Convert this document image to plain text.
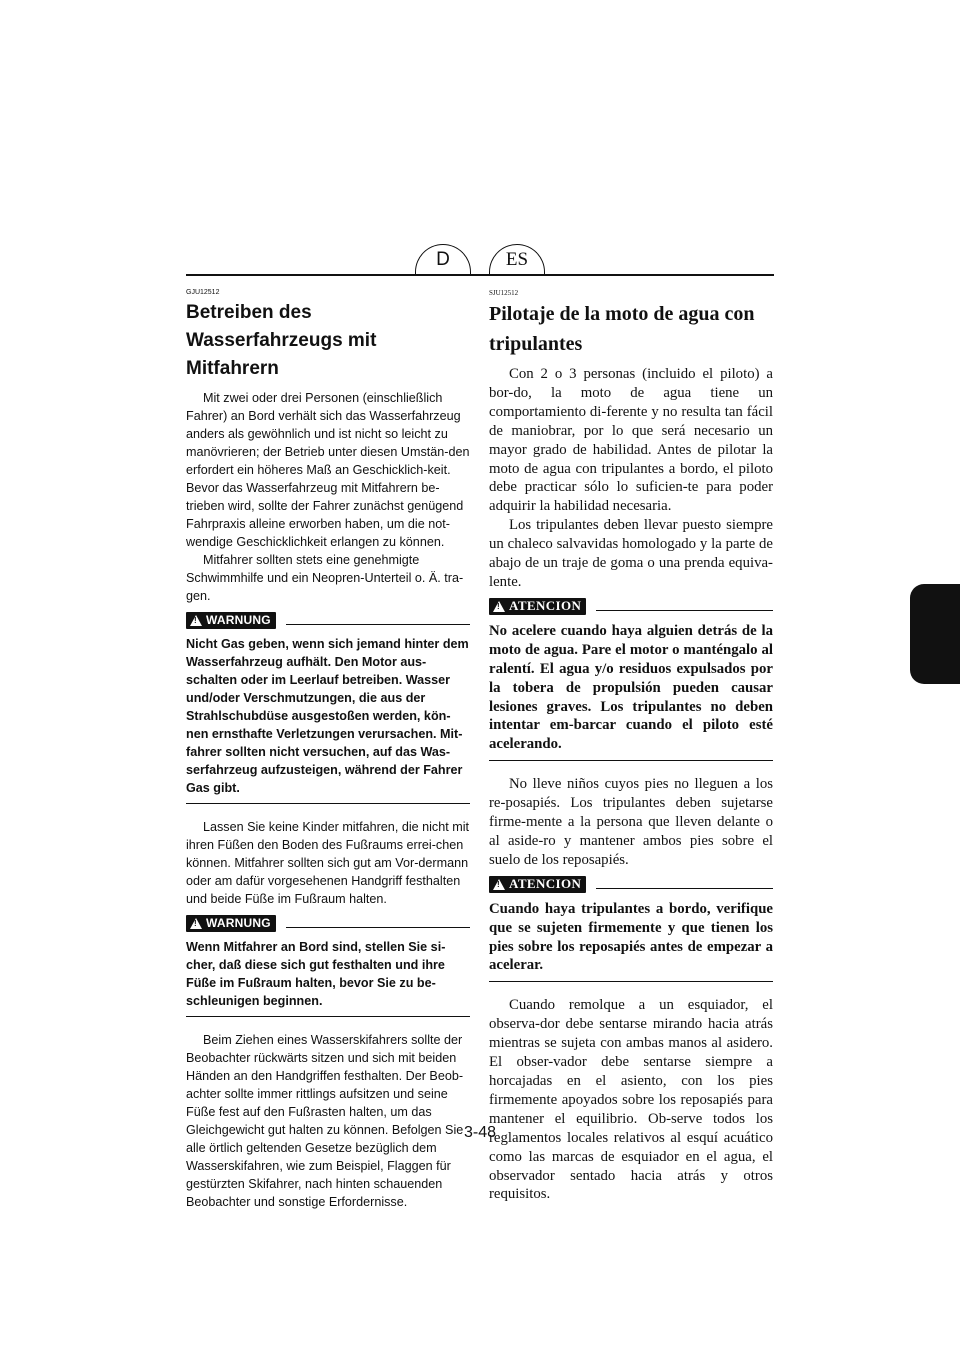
D	ES
GJU12512
Betreiben des Wasserfahrzeugs mit Mitfahrern

Mit zwei oder drei Personen (einschließlich Fahrer) an Bord verhält sich das Wasserfahrzeug anders als gewöhnlich und ist nicht so leicht zu manövrieren; der Betrieb unter diesen Umstän-den erfordert ein höheres Maß an Geschicklich-keit. Bevor das Wasserfahrzeug mit Mitfahrern be-trieben wird, sollte der Fahrer zunächst genügend Fahrpraxis alleine erworben haben, um die not-wendige Geschicklichkeit erlangen zu können.

Mitfahrer sollten stets eine genehmigte Schwimmhilfe und ein Neopren-Unterteil o. Ä. tra-gen.

!
WARNUNG

Nicht Gas geben, wenn sich jemand hinter dem Wasserfahrzeug aufhält. Den Motor aus-schalten oder im Leerlauf betreiben. Wasser und/oder Verschmutzungen, die aus der Strahlschubdüse ausgestoßen werden, kön-nen ernsthafte Verletzungen verursachen. Mit-fahrer sollten nicht versuchen, auf das Was-serfahrzeug aufzusteigen, während der Fahrer Gas gibt.

Lassen Sie keine Kinder mitfahren, die nicht mit ihren Füßen den Boden des Fußraums errei-chen können. Mitfahrer sollten sich gut am Vor-dermann oder am dafür vorgesehenen Handgriff festhalten und beide Füße im Fußraum halten.

!
WARNUNG

Wenn Mitfahrer an Bord sind, stellen Sie si-cher, daß diese sich gut festhalten und ihre Füße im Fußraum halten, bevor Sie zu be-schleunigen beginnen.

Beim Ziehen eines Wasserskifahrers sollte der Beobachter rückwärts sitzen und sich mit beiden Händen an den Handgriffen festhalten. Der Beob-achter sollte immer rittlings aufsitzen und seine Füße fest auf den Fußrasten halten, um das Gleichgewicht gut halten zu können. Befolgen Sie alle örtlich geltenden Gesetze bezüglich dem Wasserskifahren, wie zum Beispiel, Flaggen für gestürzten Skifahrer, nach hinten schauenden Beobachter und sonstige Erfordernisse.

SJU12512
Pilotaje de la moto de agua con tripulantes

Con 2 o 3 personas (incluido el piloto) a bor-do, la moto de agua tiene un comportamiento di-ferente y no resulta tan fácil de maniobrar, por lo que será necesario un mayor grado de habilidad. Antes de pilotar la moto de agua con tripulantes a bordo, el piloto debe practicar sólo lo suficien-te para poder adquirir la habilidad necesaria.

Los tripulantes deben llevar puesto siempre un chaleco salvavidas homologado y la parte de abajo de un traje de goma o una prenda equiva-lente.

!
ATENCION

No acelere cuando haya alguien detrás de la moto de agua. Pare el motor o manténgalo al ralentí. El agua y/o residuos expulsados por la tobera de propulsión pueden causar lesiones graves. Los tripulantes no deben intentar em-barcar cuando el piloto esté acelerando.

No lleve niños cuyos pies no lleguen a los re-posapiés. Los tripulantes deben sujetarse firme-mente a la persona que lleven delante o al aside-ro y mantener ambos pies sobre el suelo de los reposapiés.

!
ATENCION

Cuando haya tripulantes a bordo, verifique que se sujeten firmemente y que tienen los pies sobre los reposapiés antes de empezar a acelerar.

Cuando remolque a un esquiador, el observa-dor debe sentarse mirando hacia atrás mientras se sujeta con ambas manos al asidero. El obser-vador debe sentarse siempre a horcajadas en el asiento, con los pies firmemente apoyados sobre los reposapiés para mantener el equilibrio. Ob-serve todos los reglamentos locales relativos al esquí acuático como las marcas de esquiador en el agua, el observador sentado hacia atrás y otros requisitos.

3-48
